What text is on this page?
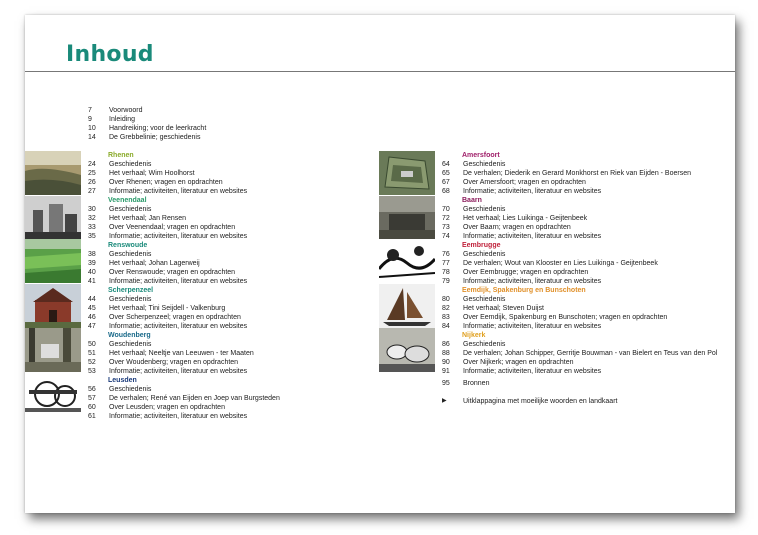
Inhoud
7	Voorwoord
9	Inleiding
10	Handreiking; voor de leerkracht
14	De Grebbelinie; geschiedenis
Rhenen
24	Geschiedenis
25	Het verhaal; Wim Hoolhorst
26	Over Rhenen; vragen en opdrachten
27	Informatie; activiteiten, literatuur en websites
Veenendaal
30	Geschiedenis
32	Het verhaal; Jan Rensen
33	Over Veenendaal; vragen en opdrachten
35	Informatie; activiteiten, literatuur en websites
Renswoude
38	Geschiedenis
39	Het verhaal; Johan Lagerweij
40	Over Renswoude; vragen en opdrachten
41	Informatie; activiteiten, literatuur en websites
Scherpenzeel
44	Geschiedenis
45	Het verhaal; Tini Seijdell - Valkenburg
46	Over Scherpenzeel; vragen en opdrachten
47	Informatie; activiteiten, literatuur en websites
Woudenberg
50	Geschiedenis
51	Het verhaal; Neeltje van Leeuwen - ter Maaten
52	Over Woudenberg; vragen en opdrachten
53	Informatie; activiteiten, literatuur en websites
Leusden
56	Geschiedenis
57	De verhalen; René van Eijden en Joep van Burgsteden
60	Over Leusden; vragen en opdrachten
61	Informatie; activiteiten, literatuur en websites
Amersfoort
64	Geschiedenis
65	De verhalen; Diederik en Gerard Monkhorst en Riek van Eijden - Boersen
67	Over Amersfoort; vragen en opdrachten
68	Informatie; activiteiten, literatuur en websites
Baarn
70	Geschiedenis
72	Het verhaal; Lies Luikinga - Geijtenbeek
73	Over Baarn; vragen en opdrachten
74	Informatie; activiteiten, literatuur en websites
Eembrugge
76	Geschiedenis
77	De verhalen; Wout van Klooster en Lies Luikinga - Geijtenbeek
78	Over Eembrugge; vragen en opdrachten
79	Informatie; activiteiten, literatuur en websites
Eemdijk, Spakenburg en Bunschoten
80	Geschiedenis
82	Het verhaal; Steven Duijst
83	Over Eemdijk, Spakenburg en Bunschoten; vragen en opdrachten
84	Informatie; activiteiten, literatuur en websites
Nijkerk
86	Geschiedenis
88	De verhalen; Johan Schipper, Gerritje Bouwman - van Bielert en Teus van den Pol
90	Over Nijkerk; vragen en opdrachten
91	Informatie; activiteiten, literatuur en websites
95	Bronnen
▶	Uitklappagina met moeilijke woorden en landkaart
